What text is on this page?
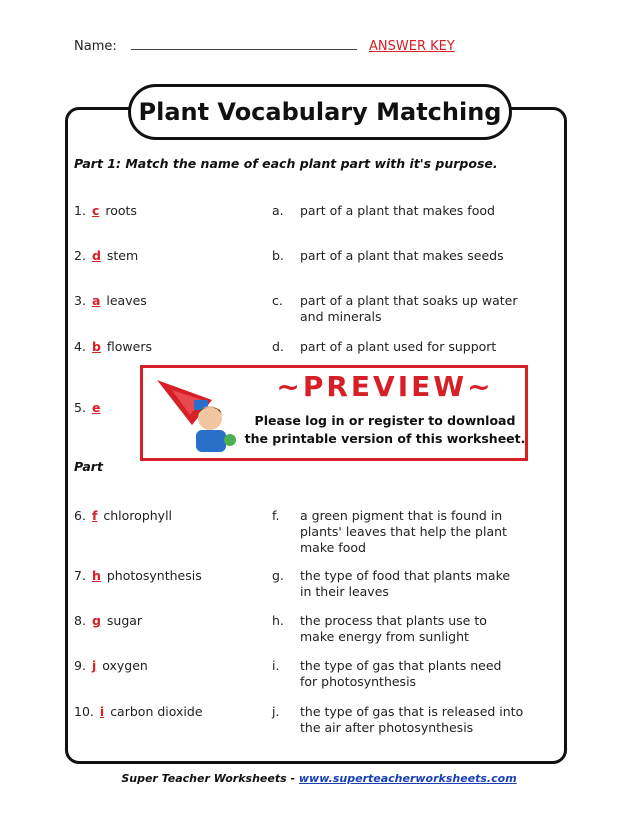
Name:	ANSWER KEY
Plant Vocabulary Matching
Part 1: Match the name of each plant part with it's purpose.
1. c roots	a. part of a plant that makes food
2. d stem	b. part of a plant that makes seeds
3. a leaves	c. part of a plant that soaks up water
and minerals
4. b flowers	d. part of a plant used for support
5. e
Part
~PREVIEW~
Please log in or register to download
the printable version of this worksheet.
6. f chlorophyll	f. a green pigment that is found in
plants' leaves that help the plant
make food
7. h photosynthesis	g. the type of food that plants make
in their leaves
8. g sugar	h. the process that plants use to
make energy from sunlight
9. j oxygen	i. the type of gas that plants need
for photosynthesis
10. i carbon dioxide	j. the type of gas that is released into
the air after photosynthesis
Super Teacher Worksheets - www.superteacherworksheets.com
